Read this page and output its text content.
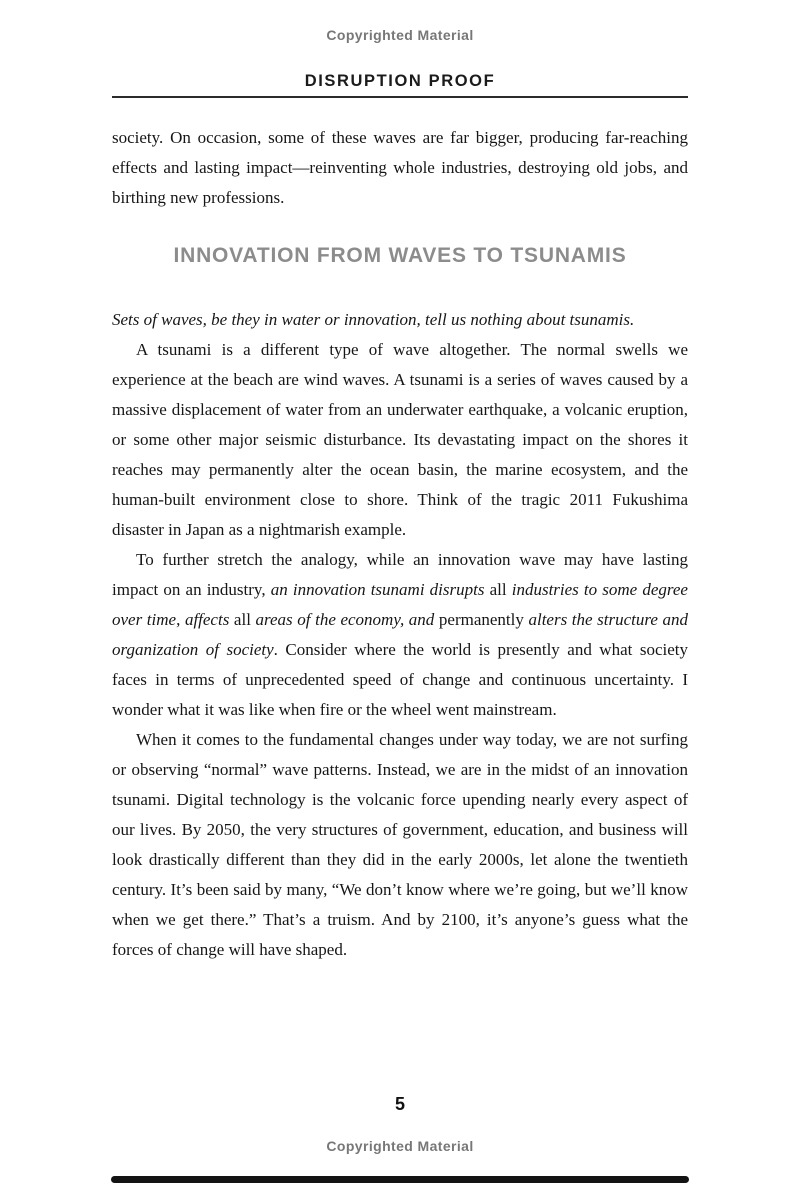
Copyrighted Material
DISRUPTION PROOF

society. On occasion, some of these waves are far bigger, producing far-reaching effects and lasting impact—reinventing whole industries, destroying old jobs, and birthing new professions.

INNOVATION FROM WAVES TO TSUNAMIS

Sets of waves, be they in water or innovation, tell us nothing about tsunamis.

A tsunami is a different type of wave altogether. The normal swells we experience at the beach are wind waves. A tsunami is a series of waves caused by a massive displacement of water from an underwater earthquake, a volcanic eruption, or some other major seismic disturbance. Its devastating impact on the shores it reaches may permanently alter the ocean basin, the marine ecosystem, and the human-built environment close to shore. Think of the tragic 2011 Fukushima disaster in Japan as a nightmarish example.

To further stretch the analogy, while an innovation wave may have lasting impact on an industry, an innovation tsunami disrupts all industries to some degree over time, affects all areas of the economy, and permanently alters the structure and organization of society. Consider where the world is presently and what society faces in terms of unprecedented speed of change and continuous uncertainty. I wonder what it was like when fire or the wheel went mainstream.

When it comes to the fundamental changes under way today, we are not surfing or observing “normal” wave patterns. Instead, we are in the midst of an innovation tsunami. Digital technology is the volcanic force upending nearly every aspect of our lives. By 2050, the very structures of government, education, and business will look drastically different than they did in the early 2000s, let alone the twentieth century. It’s been said by many, “We don’t know where we’re going, but we’ll know when we get there.” That’s a truism. And by 2100, it’s anyone’s guess what the forces of change will have shaped.

5
Copyrighted Material
